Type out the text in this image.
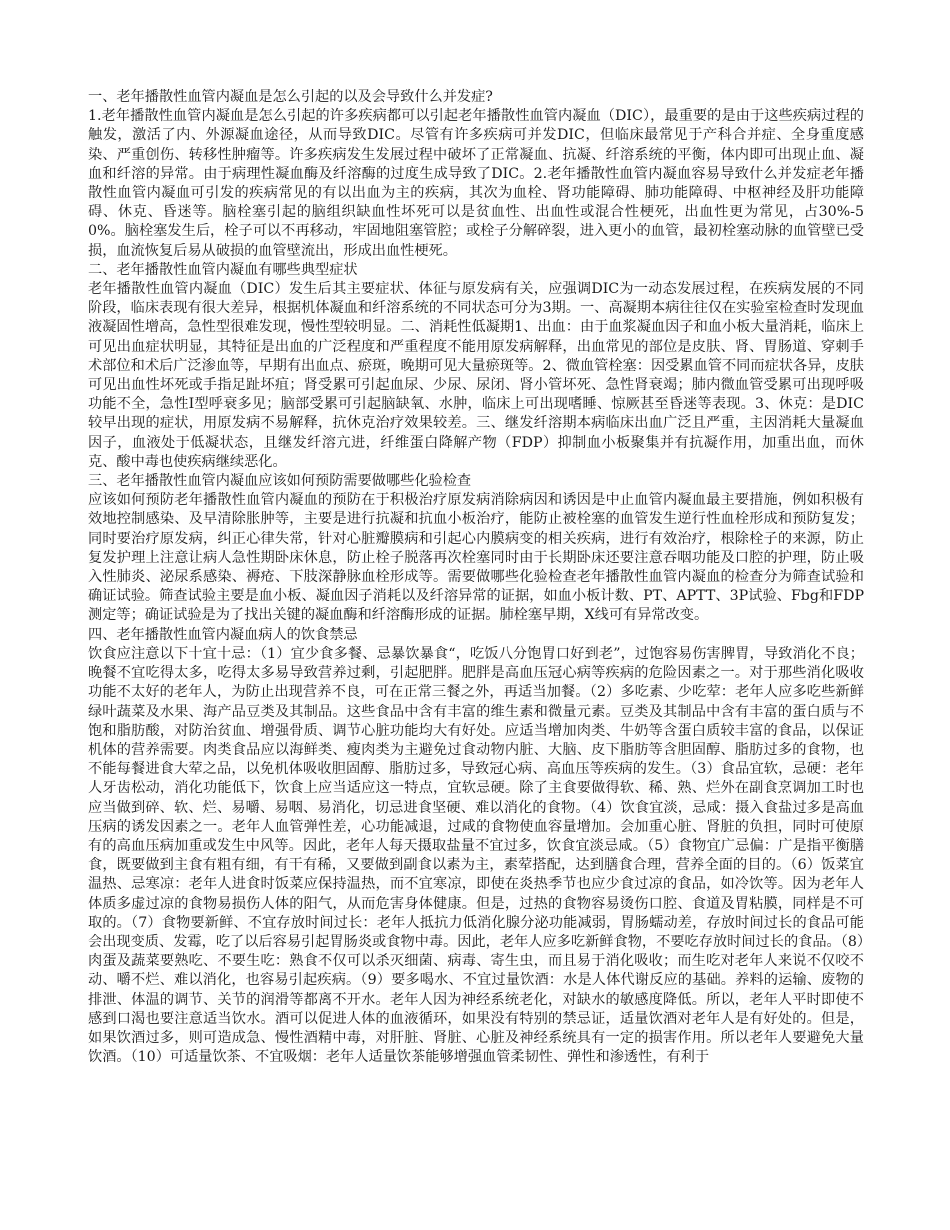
一、老年播散性血管内凝血是怎么引起的以及会导致什么并发症?

1.老年播散性血管内凝血是怎么引起的许多疾病都可以引起老年播散性血管内凝血（DIC），最重要的是由于这些疾病过程的触发，激活了内、外源凝血途径，从而导致DIC。尽管有许多疾病可并发DIC，但临床最常见于产科合并症、全身重度感染、严重创伤、转移性肿瘤等。许多疾病发生发展过程中破坏了正常凝血、抗凝、纤溶系统的平衡，体内即可出现止血、凝血和纤溶的异常。由于病理性凝血酶及纤溶酶的过度生成导致了DIC。2.老年播散性血管内凝血容易导致什么并发症老年播散性血管内凝血可引发的疾病常见的有以出血为主的疾病，其次为血栓、肾功能障碍、肺功能障碍、中枢神经及肝功能障碍、休克、昏迷等。脑栓塞引起的脑组织缺血性坏死可以是贫血性、出血性或混合性梗死，出血性更为常见，占30%-50%。脑栓塞发生后，栓子可以不再移动，牢固地阻塞管腔；或栓子分解碎裂，进入更小的血管，最初栓塞动脉的血管壁已受损，血流恢复后易从破损的血管壁流出，形成出血性梗死。

二、老年播散性血管内凝血有哪些典型症状

老年播散性血管内凝血（DIC）发生后其主要症状、体征与原发病有关，应强调DIC为一动态发展过程，在疾病发展的不同阶段，临床表现有很大差异，根据机体凝血和纤溶系统的不同状态可分为3期。一、高凝期本病往往仅在实验室检查时发现血液凝固性增高，急性型很难发现，慢性型较明显。二、消耗性低凝期1、出血：由于血浆凝血因子和血小板大量消耗，临床上可见出血症状明显，其特征是出血的广泛程度和严重程度不能用原发病解释，出血常见的部位是皮肤、肾、胃肠道、穿刺手术部位和术后广泛渗血等，早期有出血点、瘀斑，晚期可见大量瘀斑等。2、微血管栓塞：因受累血管不同而症状各异，皮肤可见出血性坏死或手指足趾坏疽；肾受累可引起血尿、少尿、尿闭、肾小管坏死、急性肾衰竭；肺内微血管受累可出现呼吸功能不全，急性Ⅰ型呼衰多见；脑部受累可引起脑缺氧、水肿，临床上可出现嗜睡、惊厥甚至昏迷等表现。3、休克：是DIC较早出现的症状，用原发病不易解释，抗休克治疗效果较差。三、继发纤溶期本病临床出血广泛且严重，主因消耗大量凝血因子，血液处于低凝状态，且继发纤溶亢进，纤维蛋白降解产物（FDP）抑制血小板聚集并有抗凝作用，加重出血，而休克、酸中毒也使疾病继续恶化。

三、老年播散性血管内凝血应该如何预防需要做哪些化验检查

应该如何预防老年播散性血管内凝血的预防在于积极治疗原发病消除病因和诱因是中止血管内凝血最主要措施，例如积极有效地控制感染、及早清除胀肿等，主要是进行抗凝和抗血小板治疗，能防止被栓塞的血管发生逆行性血栓形成和预防复发；同时要治疗原发病，纠正心律失常，针对心脏瓣膜病和引起心内膜病变的相关疾病，进行有效治疗，根除栓子的来源，防止复发护理上注意让病人急性期卧床休息，防止栓子脱落再次栓塞同时由于长期卧床还要注意吞咽功能及口腔的护理，防止吸入性肺炎、泌尿系感染、褥疮、下肢深静脉血栓形成等。需要做哪些化验检查老年播散性血管内凝血的检查分为筛查试验和确证试验。筛查试验主要是血小板、凝血因子消耗以及纤溶异常的证据，如血小板计数、PT、APTT、3P试验、Fbg和FDP测定等；确证试验是为了找出关键的凝血酶和纤溶酶形成的证据。肺栓塞早期，X线可有异常改变。

四、老年播散性血管内凝血病人的饮食禁忌

饮食应注意以下十宜十忌：（1）宜少食多餐、忌暴饮暴食“，吃饭八分饱胃口好到老”，过饱容易伤害脾胃，导致消化不良；晚餐不宜吃得太多，吃得太多易导致营养过剩，引起肥胖。肥胖是高血压冠心病等疾病的危险因素之一。对于那些消化吸收功能不太好的老年人，为防止出现营养不良，可在正常三餐之外，再适当加餐。（2）多吃素、少吃荤：老年人应多吃些新鲜绿叶蔬菜及水果、海产品豆类及其制品。这些食品中含有丰富的维生素和微量元素。豆类及其制品中含有丰富的蛋白质与不饱和脂肪酸，对防治贫血、增强骨质、调节心脏功能均大有好处。应适当增加肉类、牛奶等含蛋白质较丰富的食品，以保证机体的营养需要。肉类食品应以海鲜类、瘦肉类为主避免过食动物内脏、大脑、皮下脂肪等含胆固醇、脂肪过多的食物，也不能每餐进食大荤之品，以免机体吸收胆固醇、脂肪过多，导致冠心病、高血压等疾病的发生。（3）食品宜软，忌硬：老年人牙齿松动，消化功能低下，饮食上应当适应这一特点，宜软忌硬。除了主食要做得软、稀、熟、烂外在副食烹调加工时也应当做到碎、软、烂、易嚼、易咽、易消化，切忌进食坚硬、难以消化的食物。（4）饮食宜淡，忌咸：摄入食盐过多是高血压病的诱发因素之一。老年人血管弹性差，心功能减退，过咸的食物使血容量增加。会加重心脏、肾脏的负担，同时可使原有的高血压病加重或发生中风等。因此，老年人每天摄取盐量不宜过多，饮食宜淡忌咸。（5）食物宜广忌偏：广是指平衡膳食，既要做到主食有粗有细，有干有稀，又要做到副食以素为主，素荤搭配，达到膳食合理，营养全面的目的。（6）饭菜宜温热、忌寒凉：老年人进食时饭菜应保持温热，而不宜寒凉，即使在炎热季节也应少食过凉的食品，如冷饮等。因为老年人体质多虚过凉的食物易损伤人体的阳气，从而危害身体健康。但是，过热的食物容易烫伤口腔、食道及胃粘膜，同样是不可取的。（7）食物要新鲜、不宜存放时间过长：老年人抵抗力低消化腺分泌功能减弱，胃肠蠕动差，存放时间过长的食品可能会出现变质、发霉，吃了以后容易引起胃肠炎或食物中毒。因此，老年人应多吃新鲜食物，不要吃存放时间过长的食品。（8）肉蛋及蔬菜要熟吃、不要生吃：熟食不仅可以杀灭细菌、病毒、寄生虫，而且易于消化吸收；而生吃对老年人来说不仅咬不动、嚼不烂、难以消化，也容易引起疾病。（9）要多喝水、不宜过量饮酒：水是人体代谢反应的基础。养料的运输、废物的排泄、体温的调节、关节的润滑等都离不开水。老年人因为神经系统老化，对缺水的敏感度降低。所以，老年人平时即使不感到口渴也要注意适当饮水。酒可以促进人体的血液循环，如果没有特别的禁忌证，适量饮酒对老年人是有好处的。但是，如果饮酒过多，则可造成急、慢性酒精中毒，对肝脏、肾脏、心脏及神经系统具有一定的损害作用。所以老年人要避免大量饮酒。（10）可适量饮茶、不宜吸烟：老年人适量饮茶能够增强血管柔韧性、弹性和渗透性，有利于
